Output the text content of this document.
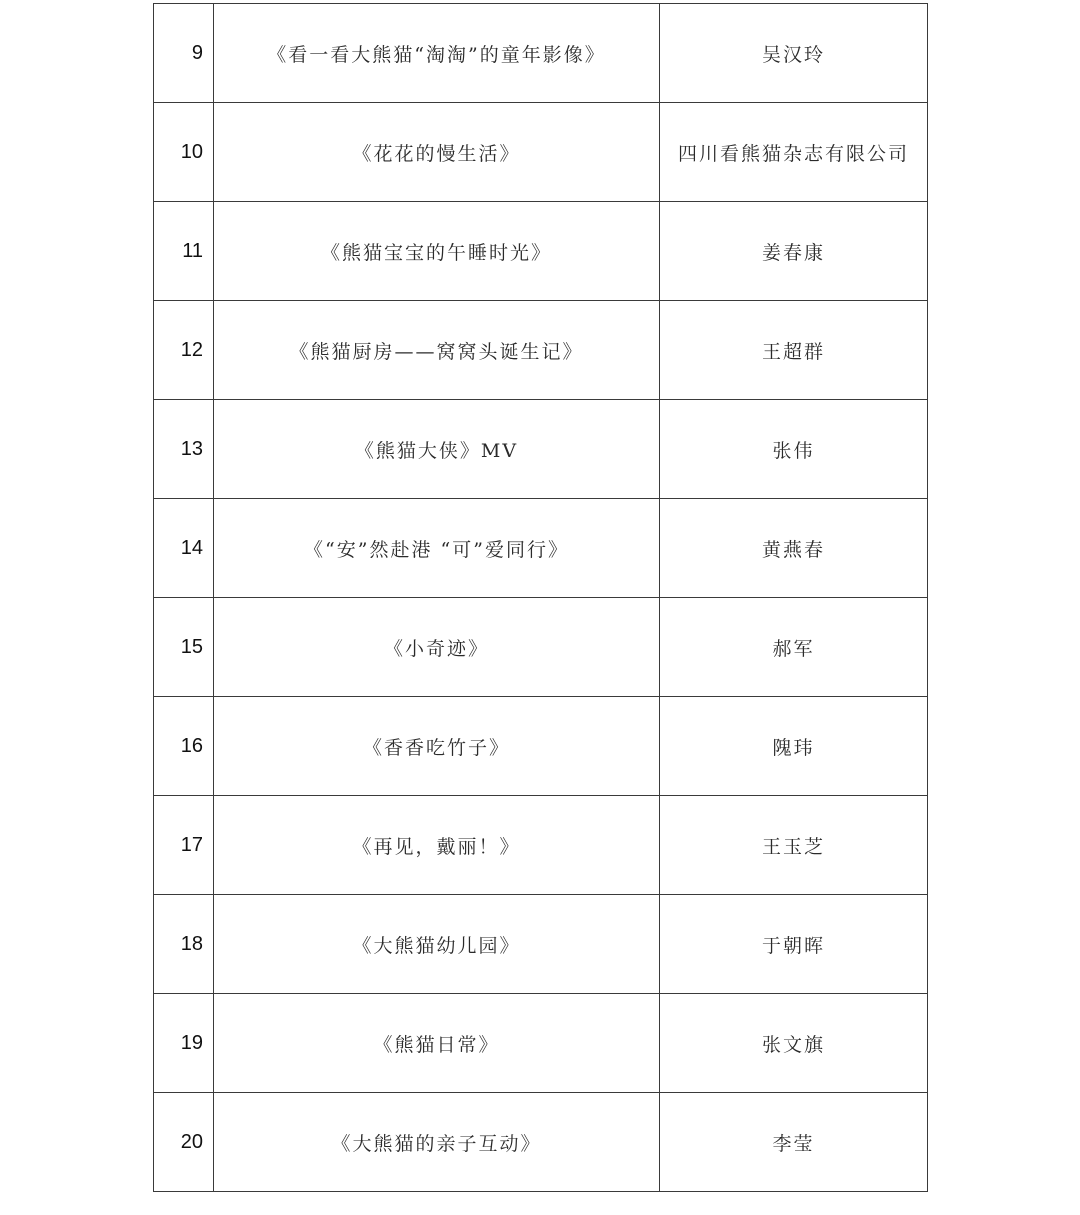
9	《看一看大熊猫“淘淘”的童年影像》	吴汉玲
10	《花花的慢生活》	四川看熊猫杂志有限公司
11	《熊猫宝宝的午睡时光》	姜春康
12	《熊猫厨房——窝窝头诞生记》	王超群
13	《熊猫大侠》MV	张伟
14	《“安”然赴港 “可”爱同行》	黄燕春
15	《小奇迹》	郝军
16	《香香吃竹子》	隗玮
17	《再见，戴丽！》	王玉芝
18	《大熊猫幼儿园》	于朝晖
19	《熊猫日常》	张文旗
20	《大熊猫的亲子互动》	李莹
